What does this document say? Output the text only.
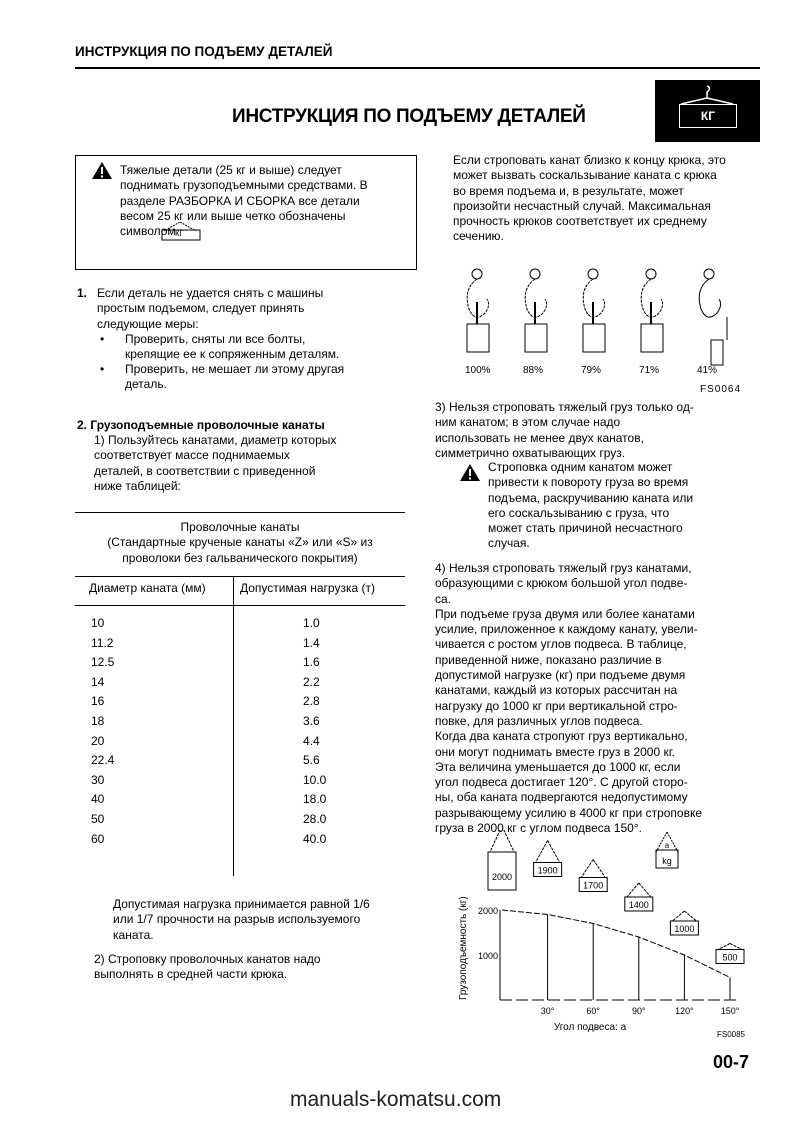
ИНСТРУКЦИЯ ПО ПОДЪЕМУ ДЕТАЛЕЙ
ИНСТРУКЦИЯ ПО ПОДЪЕМУ ДЕТАЛЕЙ	КГ
Тяжелые детали (25 кг и выше) следует
поднимать грузоподъемными средствами. В
разделе РАЗБОРКА И СБОРКА все детали
весом 25 кг или выше четко обозначены
символом КГ
1. Если деталь не удается снять с машины
простым подъемом, следует принять
следующие меры:
• Проверить, сняты ли все болты,
крепящие ее к сопряженным деталям.
• Проверить, не мешает ли этому другая
деталь.
2. Грузоподъемные проволочные канаты
1) Пользуйтесь канатами, диаметр которых
соответствует массе поднимаемых
деталей, в соответствии с приведенной
ниже таблицей:
Проволочные канаты
(Стандартные крученые канаты «Z» или «S» из
проволоки без гальванического покрытия)
Диаметр каната (мм)	Допустимая нагрузка (т)
10	1.0
11.2	1.4
12.5	1.6
14	2.2
16	2.8
18	3.6
20	4.4
22.4	5.6
30	10.0
40	18.0
50	28.0
60	40.0
Допустимая нагрузка принимается равной 1/6
или 1/7 прочности на разрыв используемого
каната.
2) Строповку проволочных канатов надо
выполнять в средней части крюка.
Если строповать канат близко к концу крюка, это
может вызвать соскальзывание каната с крюка
во время подъема и, в результате, может
произойти несчастный случай. Максимальная
прочность крюков соответствует их среднему
сечению.
100%	88%	79%	71%	41%
FS0064
3) Нельзя строповать тяжелый груз только од-
ним канатом; в этом случае надо
использовать не менее двух канатов,
симметрично охватывающих груз.
Строповка одним канатом может
привести к повороту груза во время
подъема, раскручиванию каната или
его соскальзыванию с груза, что
может стать причиной несчастного
случая.
4) Нельзя строповать тяжелый груз канатами,
образующими с крюком большой угол подве-
са.
При подъеме груза двумя или более канатами
усилие, приложенное к каждому канату, увели-
чивается с ростом углов подвеса. В таблице,
приведенной ниже, показано различие в
допустимой нагрузке (кг) при подъеме двумя
канатами, каждый из которых рассчитан на
нагрузку до 1000 кг при вертикальной стро-
повке, для различных углов подвеса.
Когда два каната стропуют груз вертикально,
они могут поднимать вместе груз в 2000 кг.
Эта величина уменьшается до 1000 кг, если
угол подвеса достигает 120°. С другой сторо-
ны, оба каната подвергаются недопустимому
разрывающему усилию в 4000 кг при строповке
груза в 2000 кг с углом подвеса 150°.
2000
1900
1700
1400
1000
500
30°	60°	90°	120°	150°
2000
1000
Угол подвеса: a
Грузоподъемность (кг)
a
kg
FS0085
manuals-komatsu.com
00-7
